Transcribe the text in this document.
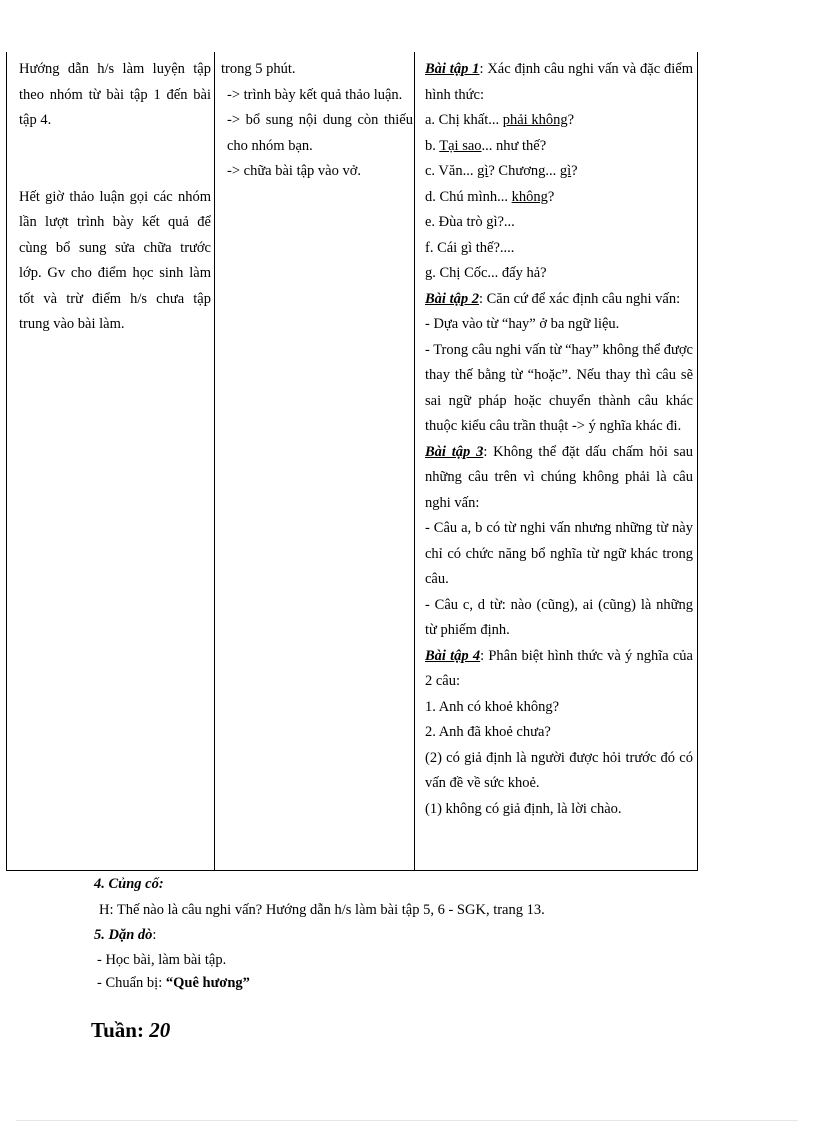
Hướng dẫn h/s làm luyện tập theo nhóm từ bài tập 1 đến bài tập 4.

Hết giờ thảo luận gọi các nhóm lần lượt trình bày kết quả để cùng bổ sung sửa chữa trước lớp. Gv cho điểm học sinh làm tốt và trừ điểm h/s chưa tập trung vào bài làm.

trong 5 phút.

-> trình bày kết quả thảo luận.

-> bổ sung nội dung còn thiếu cho nhóm bạn.

-> chữa bài tập vào vở.

Bài tập 1: Xác định câu nghi vấn và đặc điểm hình thức:

a. Chị khất... phải không?

b. Tại sao... như thế?

c. Văn... gì? Chương... gì?

d. Chú mình... không?

e. Đùa trò gì?...

f. Cái gì thế?....

g. Chị Cốc... đấy hả?

Bài tập 2: Căn cứ để xác định câu nghi vấn:

- Dựa vào từ “hay” ở ba ngữ liệu.

- Trong câu nghi vấn từ “hay” không thể được thay thế bằng từ “hoặc”. Nếu thay thì câu sẽ sai ngữ pháp hoặc chuyển thành câu khác thuộc kiểu câu trần thuật -> ý nghĩa khác đi.

Bài tập 3: Không thể đặt dấu chấm hỏi sau những câu trên vì chúng không phải là câu nghi vấn:

- Câu a, b có từ nghi vấn nhưng những từ này chỉ có chức năng bổ nghĩa từ ngữ khác trong câu.

- Câu c, d từ: nào (cũng), ai (cũng) là những từ phiếm định.

Bài tập 4: Phân biệt hình thức và ý nghĩa của 2 câu:

1. Anh có khoẻ không?

2. Anh đã khoẻ chưa?

(2) có giả định là người được hỏi trước đó có vấn đề về sức khoẻ.

(1) không có giả định, là lời chào.

4. Củng cố:

H: Thế nào là câu nghi vấn? Hướng dẫn h/s làm bài tập 5, 6 - SGK, trang 13.

5. Dặn dò:

- Học bài, làm bài tập.

- Chuẩn bị: “Quê hương”

Tuần: 20
